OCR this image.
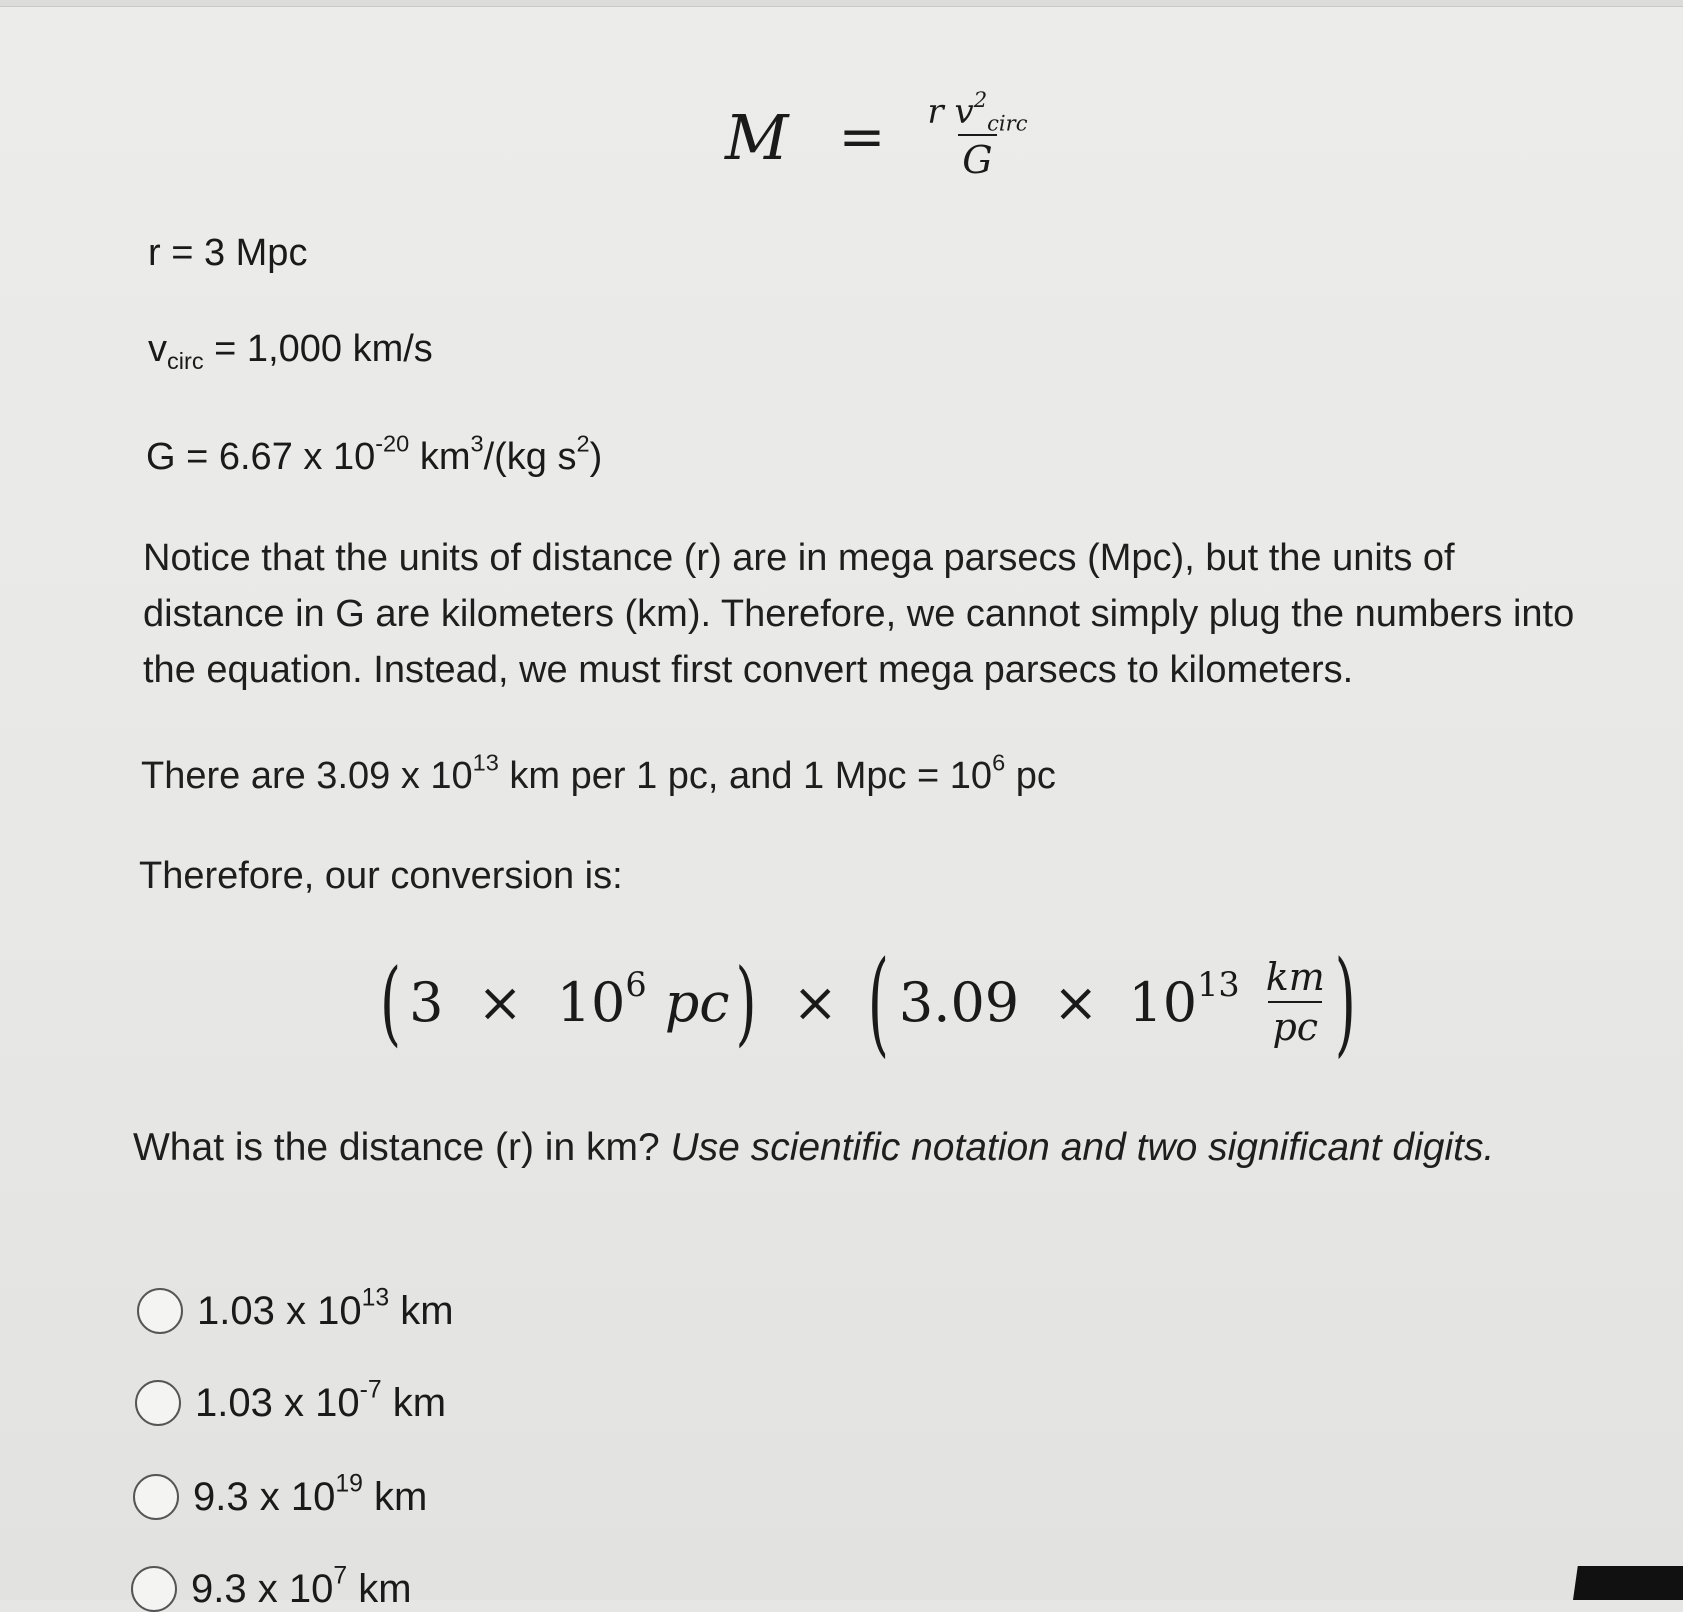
$M = \frac{r v^2_{circ}}{G}$
r = 3 Mpc
$v_{circ} = 1,000$ km/s
G = 6.67 x $10^{-20}$ $km^3/(kg$ $s^2$)
Notice that the units of distance (r) are in mega parsecs (Mpc), but the units of
distance in G are kilometers (km). Therefore, we cannot simply plug the numbers into
the equation. Instead, we must first convert mega parsecs to kilometers.
There are 3.09 x $10^{13}$ km per 1 pc, and 1 Mpc = $10^6$ pc
Therefore, our conversion is:
( $3 \times 10^6$ pc ) × ( $3.09 \times 10^{13} \frac{km}{pc}$ )
What is the distance (r) in km? Use scientific notation and two significant digits.
1.03 x $10^{13}$ km
1.03 x $10^{-7}$ km
9.3 x $10^{19}$ km
9.3 x $10^7$ km
